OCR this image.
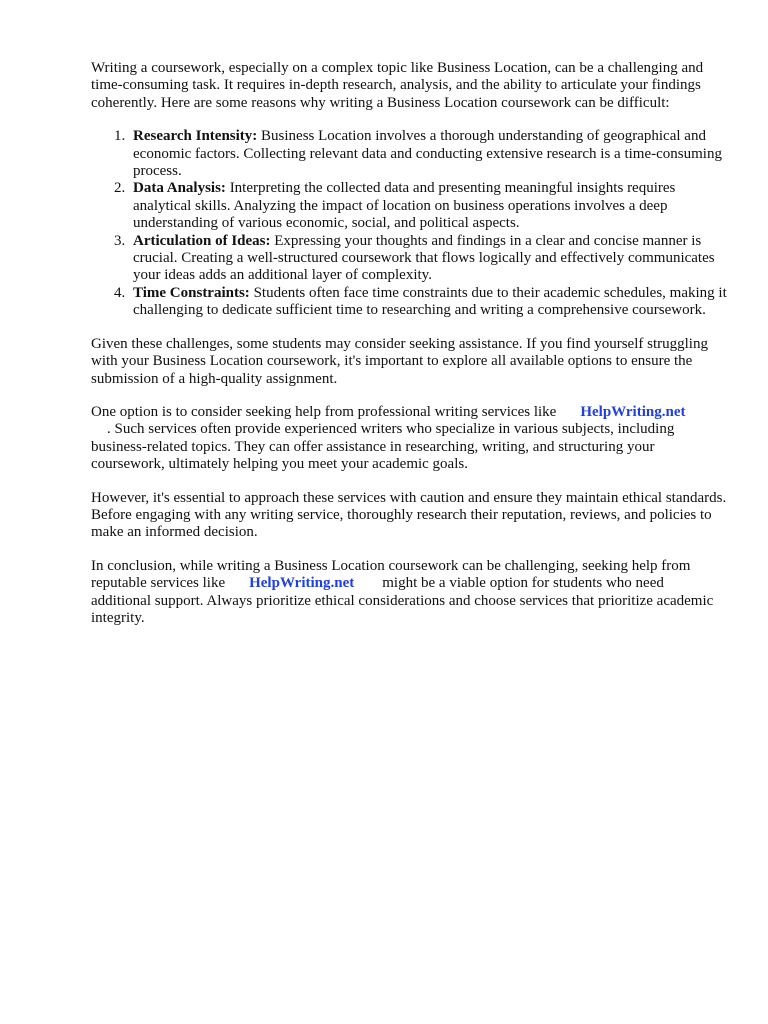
Writing a coursework, especially on a complex topic like Business Location, can be a challenging and time-consuming task. It requires in-depth research, analysis, and the ability to articulate your findings coherently. Here are some reasons why writing a Business Location coursework can be difficult:

1. Research Intensity: Business Location involves a thorough understanding of geographical and economic factors. Collecting relevant data and conducting extensive research is a time-consuming process.
2. Data Analysis: Interpreting the collected data and presenting meaningful insights requires analytical skills. Analyzing the impact of location on business operations involves a deep understanding of various economic, social, and political aspects.
3. Articulation of Ideas: Expressing your thoughts and findings in a clear and concise manner is crucial. Creating a well-structured coursework that flows logically and effectively communicates your ideas adds an additional layer of complexity.
4. Time Constraints: Students often face time constraints due to their academic schedules, making it challenging to dedicate sufficient time to researching and writing a comprehensive coursework.

Given these challenges, some students may consider seeking assistance. If you find yourself struggling with your Business Location coursework, it's important to explore all available options to ensure the submission of a high-quality assignment.

One option is to consider seeking help from professional writing services like HelpWriting.net
. Such services often provide experienced writers who specialize in various subjects, including business-related topics. They can offer assistance in researching, writing, and structuring your coursework, ultimately helping you meet your academic goals.

However, it's essential to approach these services with caution and ensure they maintain ethical standards. Before engaging with any writing service, thoroughly research their reputation, reviews, and policies to make an informed decision.

In conclusion, while writing a Business Location coursework can be challenging, seeking help from reputable services like HelpWriting.net might be a viable option for students who need additional support. Always prioritize ethical considerations and choose services that prioritize academic integrity.
